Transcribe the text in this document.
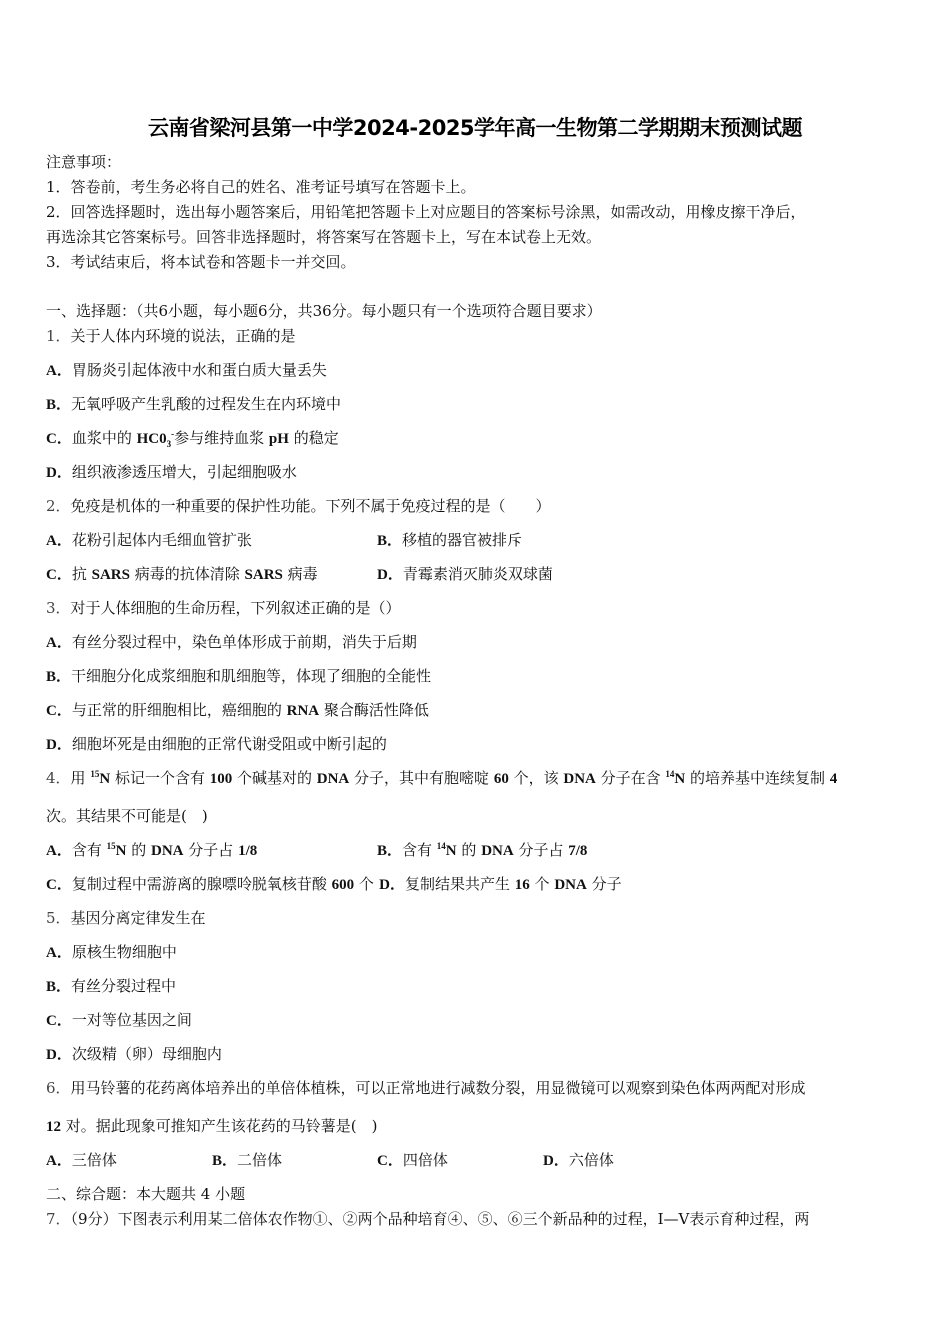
云南省梁河县第一中学2024-2025学年高一生物第二学期期末预测试题
注意事项：
1．答卷前，考生务必将自己的姓名、准考证号填写在答题卡上。
2．回答选择题时，选出每小题答案后，用铅笔把答题卡上对应题目的答案标号涂黑，如需改动，用橡皮擦干净后，
再选涂其它答案标号。回答非选择题时，将答案写在答题卡上，写在本试卷上无效。
3．考试结束后，将本试卷和答题卡一并交回。
一、选择题：（共6小题，每小题6分，共36分。每小题只有一个选项符合题目要求）
1．关于人体内环境的说法，正确的是
A．胃肠炎引起体液中水和蛋白质大量丢失
B．无氧呼吸产生乳酸的过程发生在内环境中
C．血浆中的 $HC0_3^-$参与维持血浆 pH 的稳定
D．组织液渗透压增大，引起细胞吸水
2．免疫是机体的一种重要的保护性功能。下列不属于免疫过程的是（　　）
A．花粉引起体内毛细血管扩张	B．移植的器官被排斥
C．抗 SARS 病毒的抗体清除 SARS 病毒	D．青霉素消灭肺炎双球菌
3．对于人体细胞的生命历程，下列叙述正确的是（）
A．有丝分裂过程中，染色单体形成于前期，消失于后期
B．干细胞分化成浆细胞和肌细胞等，体现了细胞的全能性
C．与正常的肝细胞相比，癌细胞的 RNA 聚合酶活性降低
D．细胞坏死是由细胞的正常代谢受阻或中断引起的
4．用 $^{15}$N 标记一个含有 100 个碱基对的 DNA 分子，其中有胞嘧啶 60 个，该 DNA 分子在含 $^{14}$N 的培养基中连续复制 4
次。其结果不可能是(　)
A．含有 $^{15}$N 的 DNA 分子占 1/8	B．含有 $^{14}$N 的 DNA 分子占 7/8
C．复制过程中需游离的腺嘌呤脱氧核苷酸 600 个 D．复制结果共产生 16 个 DNA 分子
5．基因分离定律发生在
A．原核生物细胞中
B．有丝分裂过程中
C．一对等位基因之间
D．次级精（卵）母细胞内
6．用马铃薯的花药离体培养出的单倍体植株，可以正常地进行减数分裂，用显微镜可以观察到染色体两两配对形成
12 对。据此现象可推知产生该花药的马铃薯是(　)
A．三倍体	B．二倍体	C．四倍体	D．六倍体
二、综合题：本大题共 4 小题
7．（9分）下图表示利用某二倍体农作物①、②两个品种培育④、⑤、⑥三个新品种的过程，Ⅰ—Ⅴ表示育种过程，两
